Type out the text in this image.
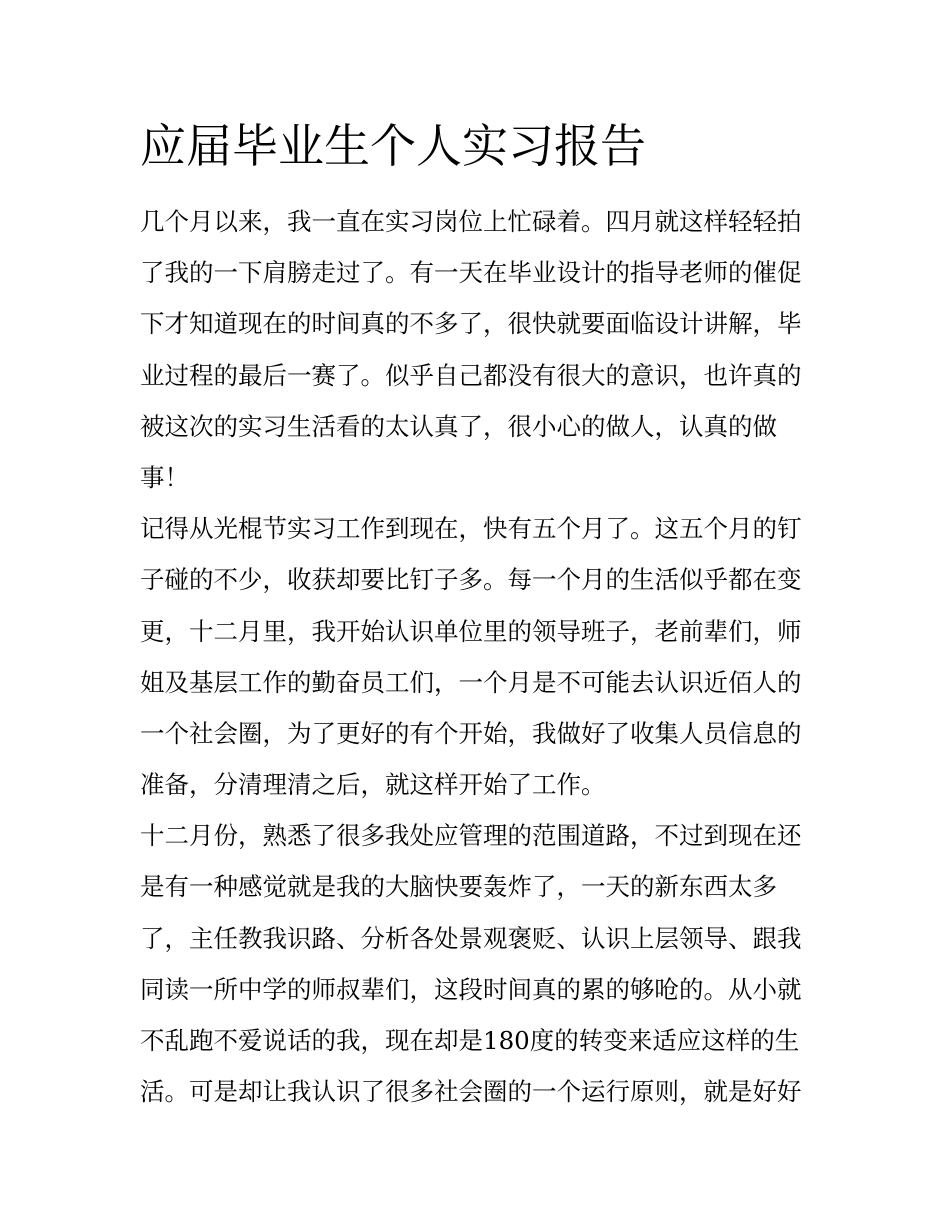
应届毕业生个人实习报告
几个月以来，我一直在实习岗位上忙碌着。四月就这样轻轻拍
了我的一下肩膀走过了。有一天在毕业设计的指导老师的催促
下才知道现在的时间真的不多了，很快就要面临设计讲解，毕
业过程的最后一赛了。似乎自己都没有很大的意识，也许真的
被这次的实习生活看的太认真了，很小心的做人，认真的做
事！
记得从光棍节实习工作到现在，快有五个月了。这五个月的钉
子碰的不少，收获却要比钉子多。每一个月的生活似乎都在变
更，十二月里，我开始认识单位里的领导班子，老前辈们，师
姐及基层工作的勤奋员工们，一个月是不可能去认识近佰人的
一个社会圈，为了更好的有个开始，我做好了收集人员信息的
准备，分清理清之后，就这样开始了工作。
十二月份，熟悉了很多我处应管理的范围道路，不过到现在还
是有一种感觉就是我的大脑快要轰炸了，一天的新东西太多
了，主任教我识路、分析各处景观褒贬、认识上层领导、跟我
同读一所中学的师叔辈们，这段时间真的累的够呛的。从小就
不乱跑不爱说话的我，现在却是180度的转变来适应这样的生
活。可是却让我认识了很多社会圈的一个运行原则，就是好好
